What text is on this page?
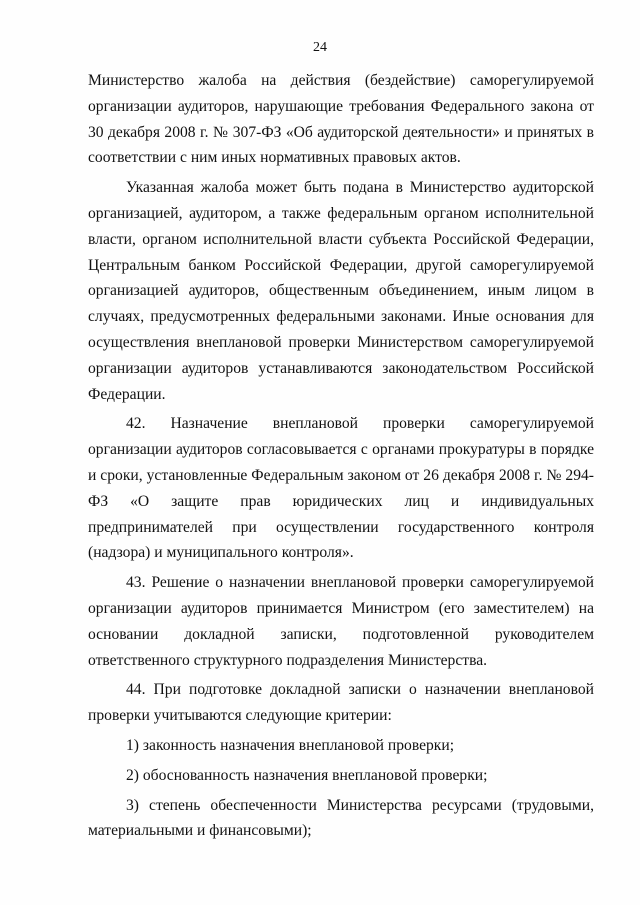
24

Министерство жалоба на действия (бездействие) саморегулируемой организации аудиторов, нарушающие требования Федерального закона от 30 декабря 2008 г. № 307-ФЗ «Об аудиторской деятельности» и принятых в соответствии с ним иных нормативных правовых актов.

Указанная жалоба может быть подана в Министерство аудиторской организацией, аудитором, а также федеральным органом исполнительной власти, органом исполнительной власти субъекта Российской Федерации, Центральным банком Российской Федерации, другой саморегулируемой организацией аудиторов, общественным объединением, иным лицом в случаях, предусмотренных федеральными законами. Иные основания для осуществления внеплановой проверки Министерством саморегулируемой организации аудиторов устанавливаются законодательством Российской Федерации.

42. Назначение внеплановой проверки саморегулируемой организации аудиторов согласовывается с органами прокуратуры в порядке и сроки, установленные Федеральным законом от 26 декабря 2008 г. № 294-ФЗ «О защите прав юридических лиц и индивидуальных предпринимателей при осуществлении государственного контроля (надзора) и муниципального контроля».

43. Решение о назначении внеплановой проверки саморегулируемой организации аудиторов принимается Министром (его заместителем) на основании докладной записки, подготовленной руководителем ответственного структурного подразделения Министерства.

44. При подготовке докладной записки о назначении внеплановой проверки учитываются следующие критерии:

1) законность назначения внеплановой проверки;

2) обоснованность назначения внеплановой проверки;

3) степень обеспеченности Министерства ресурсами (трудовыми, материальными и финансовыми);
